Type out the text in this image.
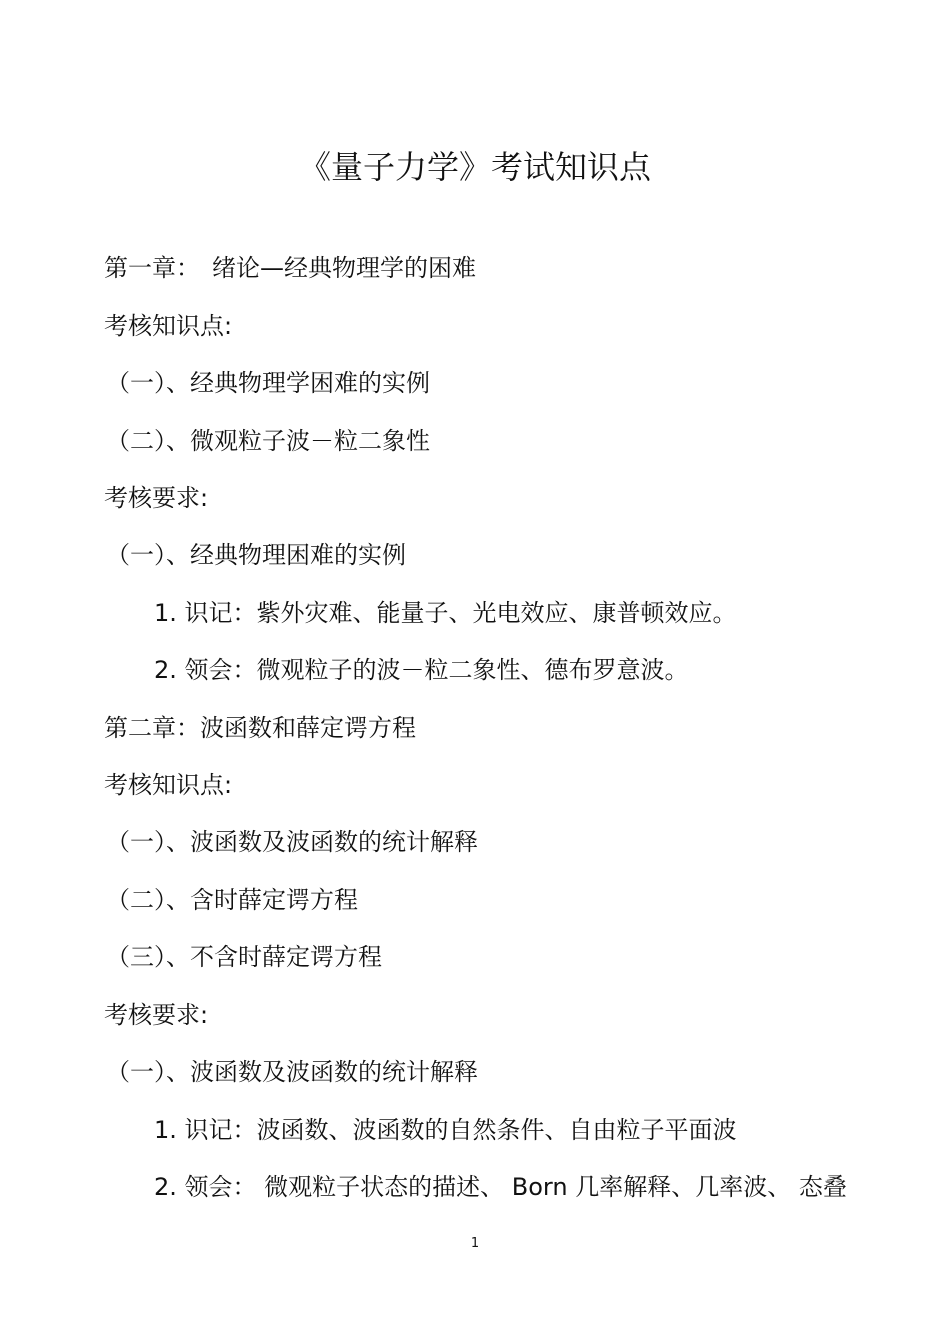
《量子力学》考试知识点
第一章：　绪论—经典物理学的困难
考核知识点:
（一）、经典物理学困难的实例
（二）、微观粒子波－粒二象性
考核要求:
（一）、经典物理困难的实例
1. 识记：紫外灾难、能量子、光电效应、康普顿效应。
2. 领会：微观粒子的波－粒二象性、德布罗意波。
第二章：波函数和薛定谔方程
考核知识点:
（一）、波函数及波函数的统计解释
（二）、含时薛定谔方程
（三）、不含时薛定谔方程
考核要求:
（一）、波函数及波函数的统计解释
1. 识记：波函数、波函数的自然条件、自由粒子平面波
2. 领会： 微观粒子状态的描述、 Born 几率解释、几率波、 态叠
1
